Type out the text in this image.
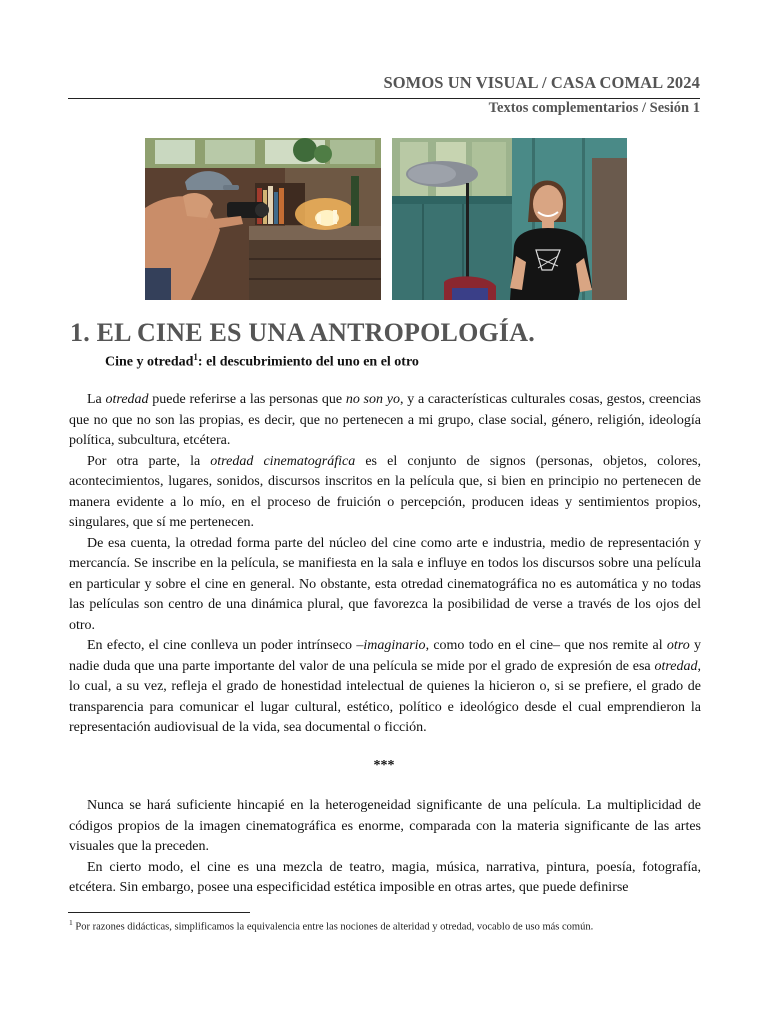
SOMOS UN VISUAL / CASA COMAL 2024
Textos complementarios / Sesión 1
1. EL CINE ES UNA ANTROPOLOGÍA.
Cine y otredad$^1$: el descubrimiento del uno en el otro

La otredad puede referirse a las personas que no son yo, y a características culturales cosas, gestos, creencias que no que no son las propias, es decir, que no pertenecen a mi grupo, clase social, género, religión, ideología política, subcultura, etcétera.

Por otra parte, la otredad cinematográfica es el conjunto de signos (personas, objetos, colores, acontecimientos, lugares, sonidos, discursos inscritos en la película que, si bien en principio no pertenecen de manera evidente a lo mío, en el proceso de fruición o percepción, producen ideas y sentimientos propios, singulares, que sí me pertenecen.

De esa cuenta, la otredad forma parte del núcleo del cine como arte e industria, medio de representación y mercancía. Se inscribe en la película, se manifiesta en la sala e influye en todos los discursos sobre una película en particular y sobre el cine en general. No obstante, esta otredad cinematográfica no es automática y no todas las películas son centro de una dinámica plural, que favorezca la posibilidad de verse a través de los ojos del otro.

En efecto, el cine conlleva un poder intrínseco –imaginario, como todo en el cine– que nos remite al otro y nadie duda que una parte importante del valor de una película se mide por el grado de expresión de esa otredad, lo cual, a su vez, refleja el grado de honestidad intelectual de quienes la hicieron o, si se prefiere, el grado de transparencia para comunicar el lugar cultural, estético, político e ideológico desde el cual emprendieron la representación audiovisual de la vida, sea documental o ficción.

***

Nunca se hará suficiente hincapié en la heterogeneidad significante de una película. La multiplicidad de códigos propios de la imagen cinematográfica es enorme, comparada con la materia significante de las artes visuales que la preceden.

En cierto modo, el cine es una mezcla de teatro, magia, música, narrativa, pintura, poesía, fotografía, etcétera. Sin embargo, posee una especificidad estética imposible en otras artes, que puede definirse

$^1$ Por razones didácticas, simplificamos la equivalencia entre las nociones de alteridad y otredad, vocablo de uso más común.
